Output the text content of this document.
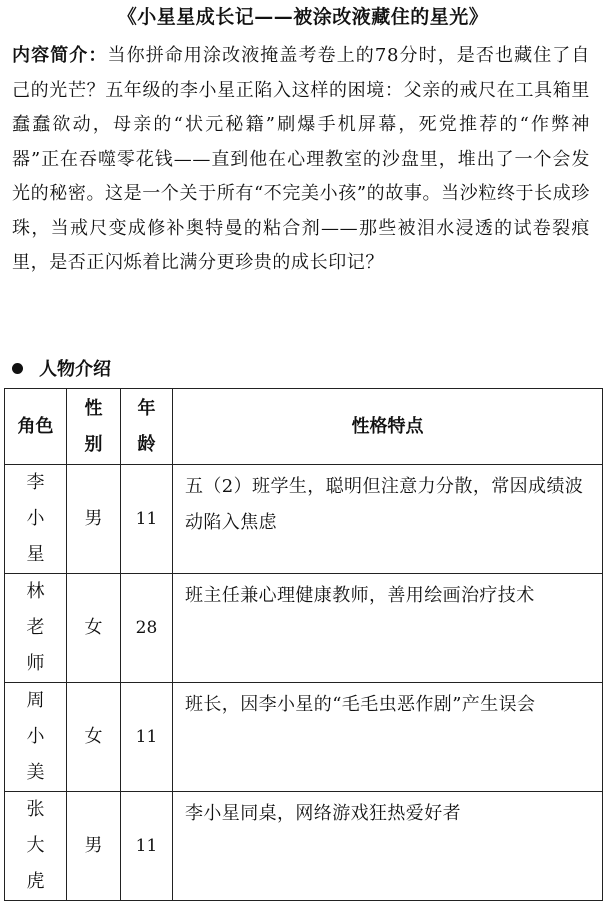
《小星星成长记——被涂改液藏住的星光》
内容简介：当你拼命用涂改液掩盖考卷上的78分时，是否也藏住了自己的光芒？五年级的李小星正陷入这样的困境：父亲的戒尺在工具箱里蠢蠢欲动，母亲的“状元秘籍”刷爆手机屏幕，死党推荐的“作弊神器”正在吞噬零花钱——直到他在心理教室的沙盘里，堆出了一个会发光的秘密。这是一个关于所有“不完美小孩”的故事。当沙粒终于长成珍珠，当戒尺变成修补奥特曼的粘合剂——那些被泪水浸透的试卷裂痕里，是否正闪烁着比满分更珍贵的成长印记？
人物介绍
角色	性别	年龄	性格特点

李小星	男	11	五（2）班学生，聪明但注意力分散，常因成绩波动陷入焦虑

林老师	女	28	班主任兼心理健康教师，善用绘画治疗技术

周小美	女	11	班长，因李小星的“毛毛虫恶作剧”产生误会

张大虎	男	11	李小星同桌，网络游戏狂热爱好者
